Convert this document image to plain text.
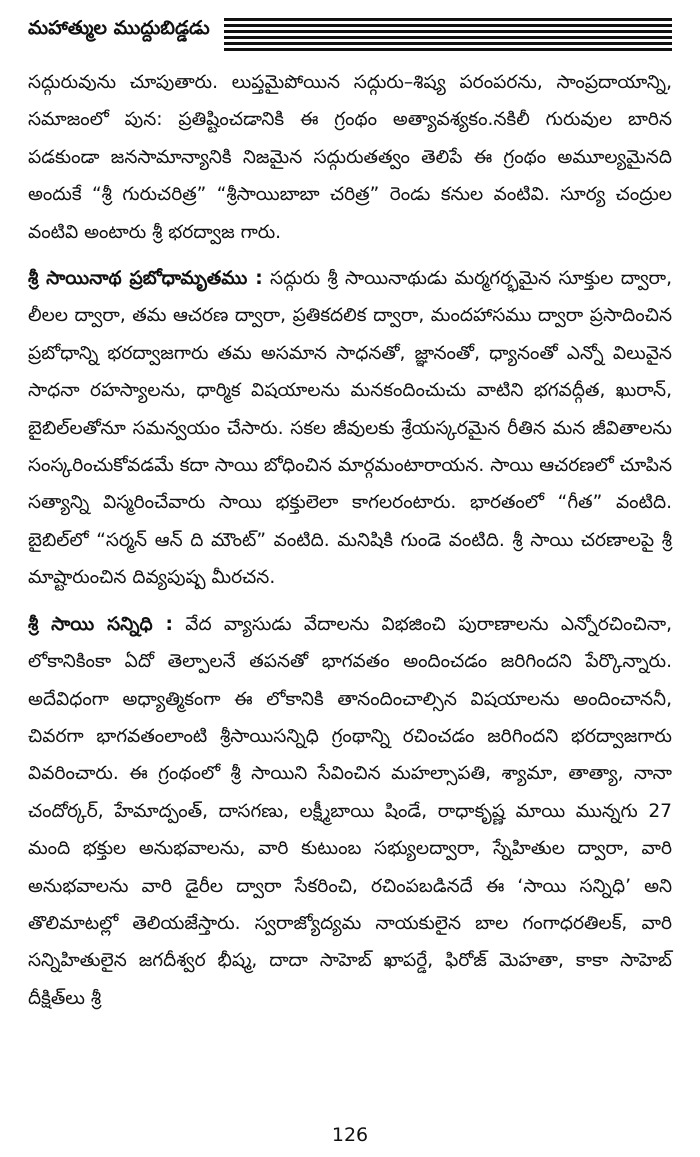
మహాత్ముల ముద్దుబిడ్డడు

సద్గురువును చూపుతారు. లుప్తమైపోయిన సద్గురు–శిష్య పరంపరను, సాంప్రదాయాన్ని, సమాజంలో పున: ప్రతిష్టించడానికి ఈ గ్రంథం అత్యావశ్యకం.నకిలీ గురువుల బారిన పడకుండా జనసామాన్యానికి నిజమైన సద్గురుతత్వం తెలిపే ఈ గ్రంథం అమూల్యమైనది అందుకే “శ్రీ గురుచరిత్ర” “శ్రీసాయిబాబా చరిత్ర” రెండు కనుల వంటివి. సూర్య చంద్రుల వంటివి అంటారు శ్రీ భరద్వాజ గారు.

శ్రీ సాయినాథ ప్రబోధామృతము : సద్గురు శ్రీ సాయినాథుడు మర్మగర్భమైన సూక్తుల ద్వారా, లీలల ద్వారా, తమ ఆచరణ ద్వారా, ప్రతికదలిక ద్వారా, మందహాసము ద్వారా ప్రసాదించిన ప్రబోధాన్ని భరద్వాజగారు తమ అసమాన సాధనతో, జ్ఞానంతో, ధ్యానంతో ఎన్నో విలువైన సాధనా రహస్యాలను, ధార్మిక విషయాలను మనకందించుచు వాటిని భగవద్గీత, ఖురాన్, బైబిల్‌లతోనూ సమన్వయం చేసారు. సకల జీవులకు శ్రేయస్కరమైన రీతిన మన జీవితాలను సంస్కరించుకోవడమే కదా సాయి బోధించిన మార్గమంటారాయన. సాయి ఆచరణలో చూపిన సత్యాన్ని విస్మరించేవారు సాయి భక్తులెలా కాగలరంటారు. భారతంలో “గీత” వంటిది. బైబిల్‌లో “సర్మన్ ఆన్ ది మౌంట్” వంటిది. మనిషికి గుండె వంటిది. శ్రీ సాయి చరణాలపై శ్రీ మాష్టారుంచిన దివ్యపుష్ప మీరచన.

శ్రీ సాయి సన్నిధి : వేద వ్యాసుడు వేదాలను విభజించి పురాణాలను ఎన్నోరచించినా, లోకానికింకా ఏదో తెల్పాలనే తపనతో భాగవతం అందించడం జరిగిందని పేర్కొన్నారు. అదేవిధంగా అధ్యాత్మికంగా ఈ లోకానికి తానందించాల్సిన విషయాలను అందించాననీ, చివరగా భాగవతంలాంటి శ్రీసాయిసన్నిధి గ్రంథాన్ని రచించడం జరిగిందని భరద్వాజగారు వివరించారు. ఈ గ్రంథంలో శ్రీ సాయిని సేవించిన మహల్సాపతి, శ్యామా, తాత్యా, నానా చందోర్కర్, హేమాద్పంత్, దాసగణు, లక్ష్మీబాయి షిండే, రాధాకృష్ణ మాయి మున్నగు 27 మంది భక్తుల అనుభవాలను, వారి కుటుంబ సభ్యులద్వారా, స్నేహితుల ద్వారా, వారి అనుభవాలను వారి డైరీల ద్వారా సేకరించి, రచింపబడినదే ఈ ‘సాయి సన్నిధి’ అని తొలిమాటల్లో తెలియజేస్తారు. స్వరాజ్యోద్యమ నాయకులైన బాల గంగాధరతిలక్, వారి సన్నిహితులైన జగదీశ్వర భీష్మ, దాదా సాహెబ్ ఖాపర్డే, ఫిరోజ్ మెహతా, కాకా సాహెబ్ దీక్షిత్‌లు శ్రీ

126
